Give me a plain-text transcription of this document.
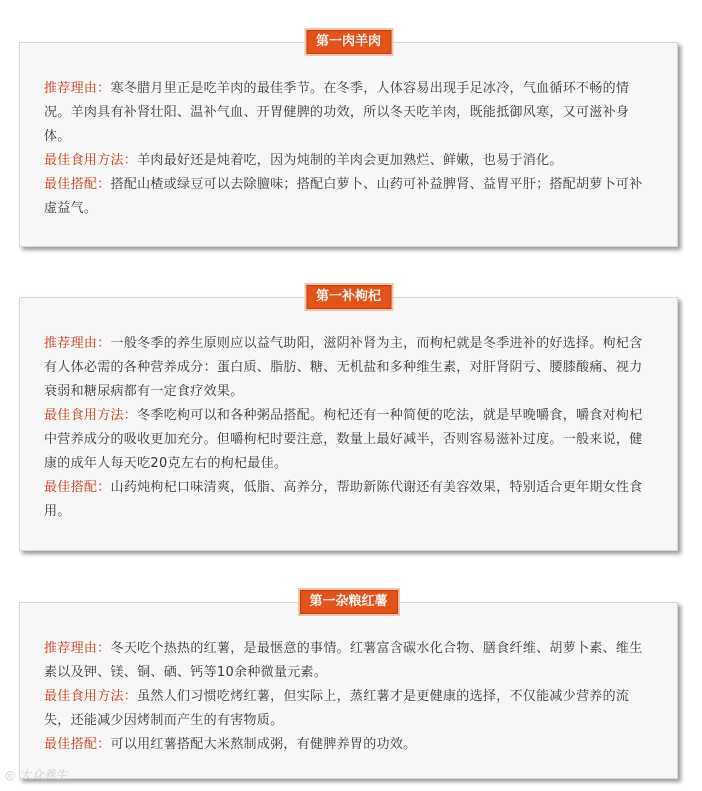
第一肉羊肉

推荐理由：寒冬腊月里正是吃羊肉的最佳季节。在冬季，人体容易出现手足冰冷，气血循环不畅的情况。羊肉具有补肾壮阳、温补气血、开胃健脾的功效，所以冬天吃羊肉，既能抵御风寒，又可滋补身体。

最佳食用方法：羊肉最好还是炖着吃，因为炖制的羊肉会更加熟烂、鲜嫩，也易于消化。

最佳搭配：搭配山楂或绿豆可以去除膻味；搭配白萝卜、山药可补益脾肾、益胃平肝；搭配胡萝卜可补虚益气。

第一补枸杞

推荐理由：一般冬季的养生原则应以益气助阳，滋阴补肾为主，而枸杞就是冬季进补的好选择。枸杞含有人体必需的各种营养成分：蛋白质、脂肪、糖、无机盐和多种维生素，对肝肾阴亏、腰膝酸痛、视力衰弱和糖尿病都有一定食疗效果。

最佳食用方法：冬季吃枸可以和各种粥品搭配。枸杞还有一种简便的吃法，就是早晚嚼食，嚼食对枸杞中营养成分的吸收更加充分。但嚼枸杞时要注意，数量上最好减半，否则容易滋补过度。一般来说，健康的成年人每天吃20克左右的枸杞最佳。

最佳搭配：山药炖枸杞口味清爽，低脂、高养分，帮助新陈代谢还有美容效果，特别适合更年期女性食用。

第一杂粮红薯

推荐理由：冬天吃个热热的红薯，是最惬意的事情。红薯富含碳水化合物、膳食纤维、胡萝卜素、维生素以及钾、镁、铜、硒、钙等10余种微量元素。

最佳食用方法：虽然人们习惯吃烤红薯，但实际上，蒸红薯才是更健康的选择，不仅能减少营养的流失，还能减少因烤制而产生的有害物质。

最佳搭配：可以用红薯搭配大米熬制成粥，有健脾养胃的功效。

◎ 大众养生
